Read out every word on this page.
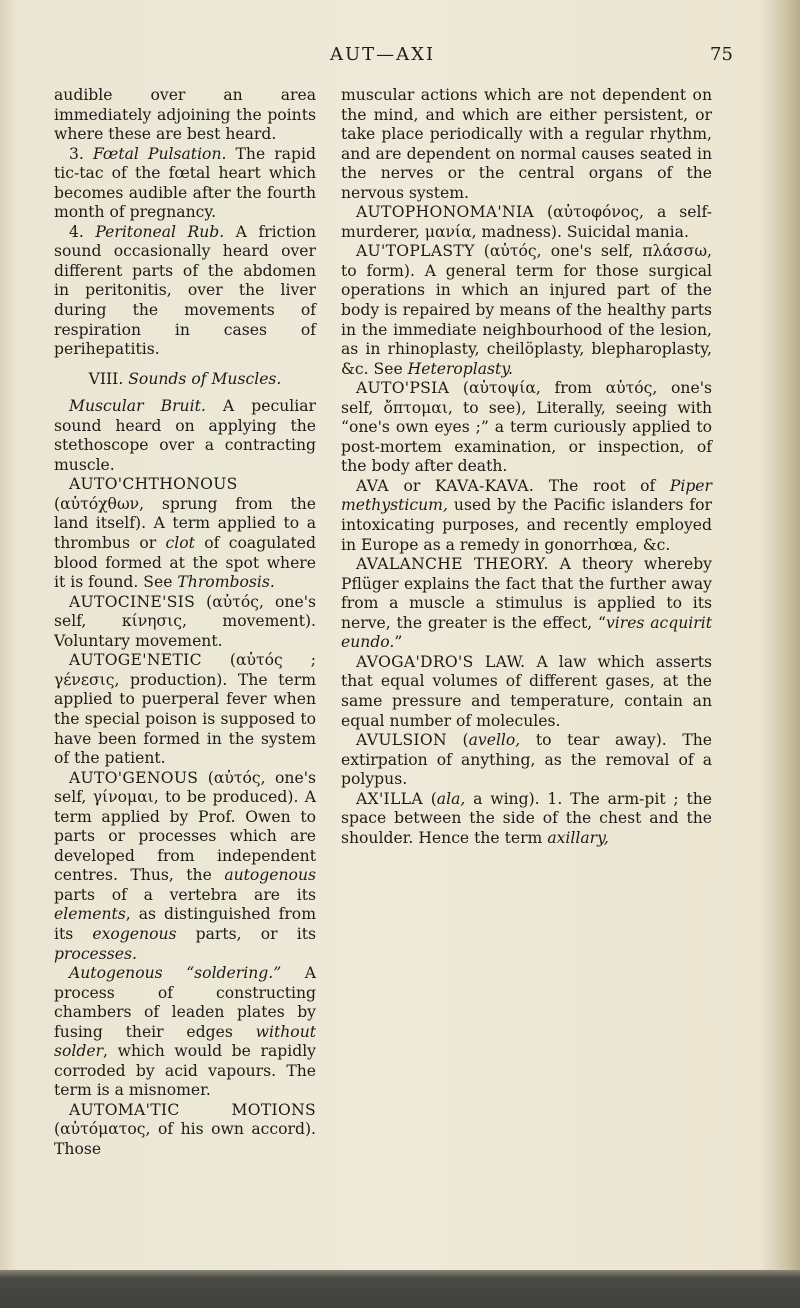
AUT—AXI	75

audible over an area immediately adjoining the points where these are best heard.

3. Fœtal Pulsation. The rapid tic-tac of the fœtal heart which becomes audible after the fourth month of pregnancy.

4. Peritoneal Rub. A friction sound occasionally heard over different parts of the abdomen in peritonitis, over the liver during the movements of respiration in cases of perihepatitis.

VIII. Sounds of Muscles.

Muscular Bruit. A peculiar sound heard on applying the stethoscope over a contracting muscle.

AUTO'CHTHONOUS (αὐτόχθων, sprung from the land itself). A term applied to a thrombus or clot of coagulated blood formed at the spot where it is found. See Thrombosis.

AUTOCINE'SIS (αὐτός, one's self, κίνησις, movement). Voluntary movement.

AUTOGE'NETIC (αὐτός ; γένεσις, production). The term applied to puerperal fever when the special poison is supposed to have been formed in the system of the patient.

AUTO'GENOUS (αὐτός, one's self, γίνομαι, to be produced). A term applied by Prof. Owen to parts or processes which are developed from independent centres. Thus, the autogenous parts of a vertebra are its elements, as distinguished from its exogenous parts, or its processes.

Autogenous “soldering.” A process of constructing chambers of leaden plates by fusing their edges without solder, which would be rapidly corroded by acid vapours. The term is a misnomer.

AUTOMA'TIC MOTIONS (αὐτόματος, of his own accord). Those

muscular actions which are not dependent on the mind, and which are either persistent, or take place periodically with a regular rhythm, and are dependent on normal causes seated in the nerves or the central organs of the nervous system.

AUTOPHONOMA'NIA (αὐτοφόνος, a self-murderer, μανία, madness). Suicidal mania.

AU'TOPLASTY (αὐτός, one's self, πλάσσω, to form). A general term for those surgical operations in which an injured part of the body is repaired by means of the healthy parts in the immediate neighbourhood of the lesion, as in rhinoplasty, cheilöplasty, blepharoplasty, &c. See Heteroplasty.

AUTO'PSIA (αὐτοψία, from αὐτός, one's self, ὄπτομαι, to see), Literally, seeing with “one's own eyes ;” a term curiously applied to post-mortem examination, or inspection, of the body after death.

AVA or KAVA-KAVA. The root of Piper methysticum, used by the Pacific islanders for intoxicating purposes, and recently employed in Europe as a remedy in gonorrhœa, &c.

AVALANCHE THEORY. A theory whereby Pflüger explains the fact that the further away from a muscle a stimulus is applied to its nerve, the greater is the effect, “vires acquirit eundo.”

AVOGA'DRO'S LAW. A law which asserts that equal volumes of different gases, at the same pressure and temperature, contain an equal number of molecules.

AVULSION (avello, to tear away). The extirpation of anything, as the removal of a polypus.

AX'ILLA (ala, a wing). 1. The arm-pit ; the space between the side of the chest and the shoulder. Hence the term axillary,
